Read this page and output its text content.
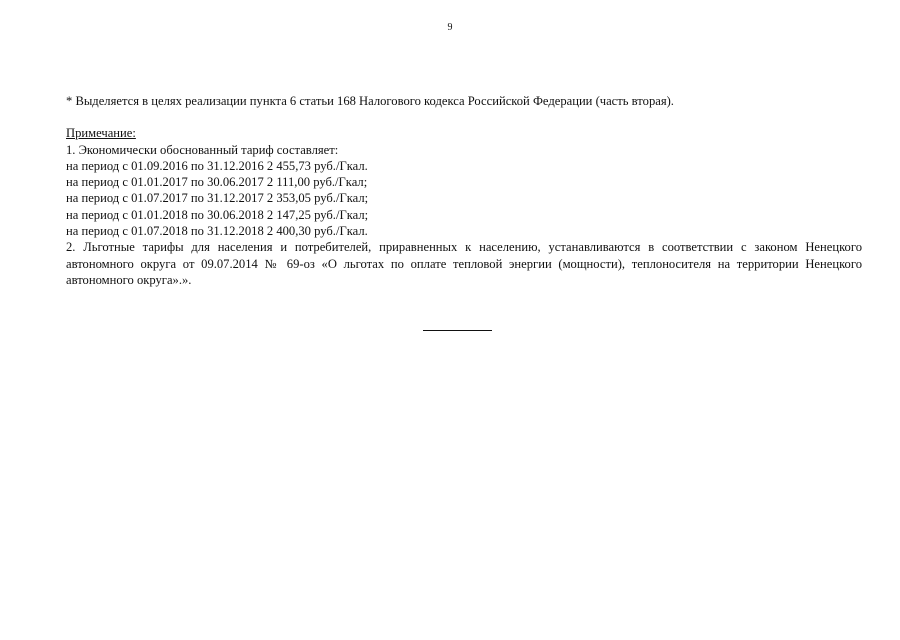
9

* Выделяется в целях реализации пункта 6 статьи 168 Налогового кодекса Российской Федерации (часть вторая).

Примечание:

1. Экономически обоснованный тариф составляет:

на период с 01.09.2016 по 31.12.2016 2 455,73 руб./Гкал.

на период с 01.01.2017 по 30.06.2017 2 111,00 руб./Гкал;

на период с 01.07.2017 по 31.12.2017 2 353,05 руб./Гкал;

на период с 01.01.2018 по 30.06.2018 2 147,25 руб./Гкал;

на период с 01.07.2018 по 31.12.2018 2 400,30 руб./Гкал.

2. Льготные тарифы для населения и потребителей, приравненных к населению, устанавливаются в соответствии с законом Ненецкого автономного округа от 09.07.2014 № 69-оз «О льготах по оплате тепловой энергии (мощности), теплоносителя на территории Ненецкого автономного округа».».
